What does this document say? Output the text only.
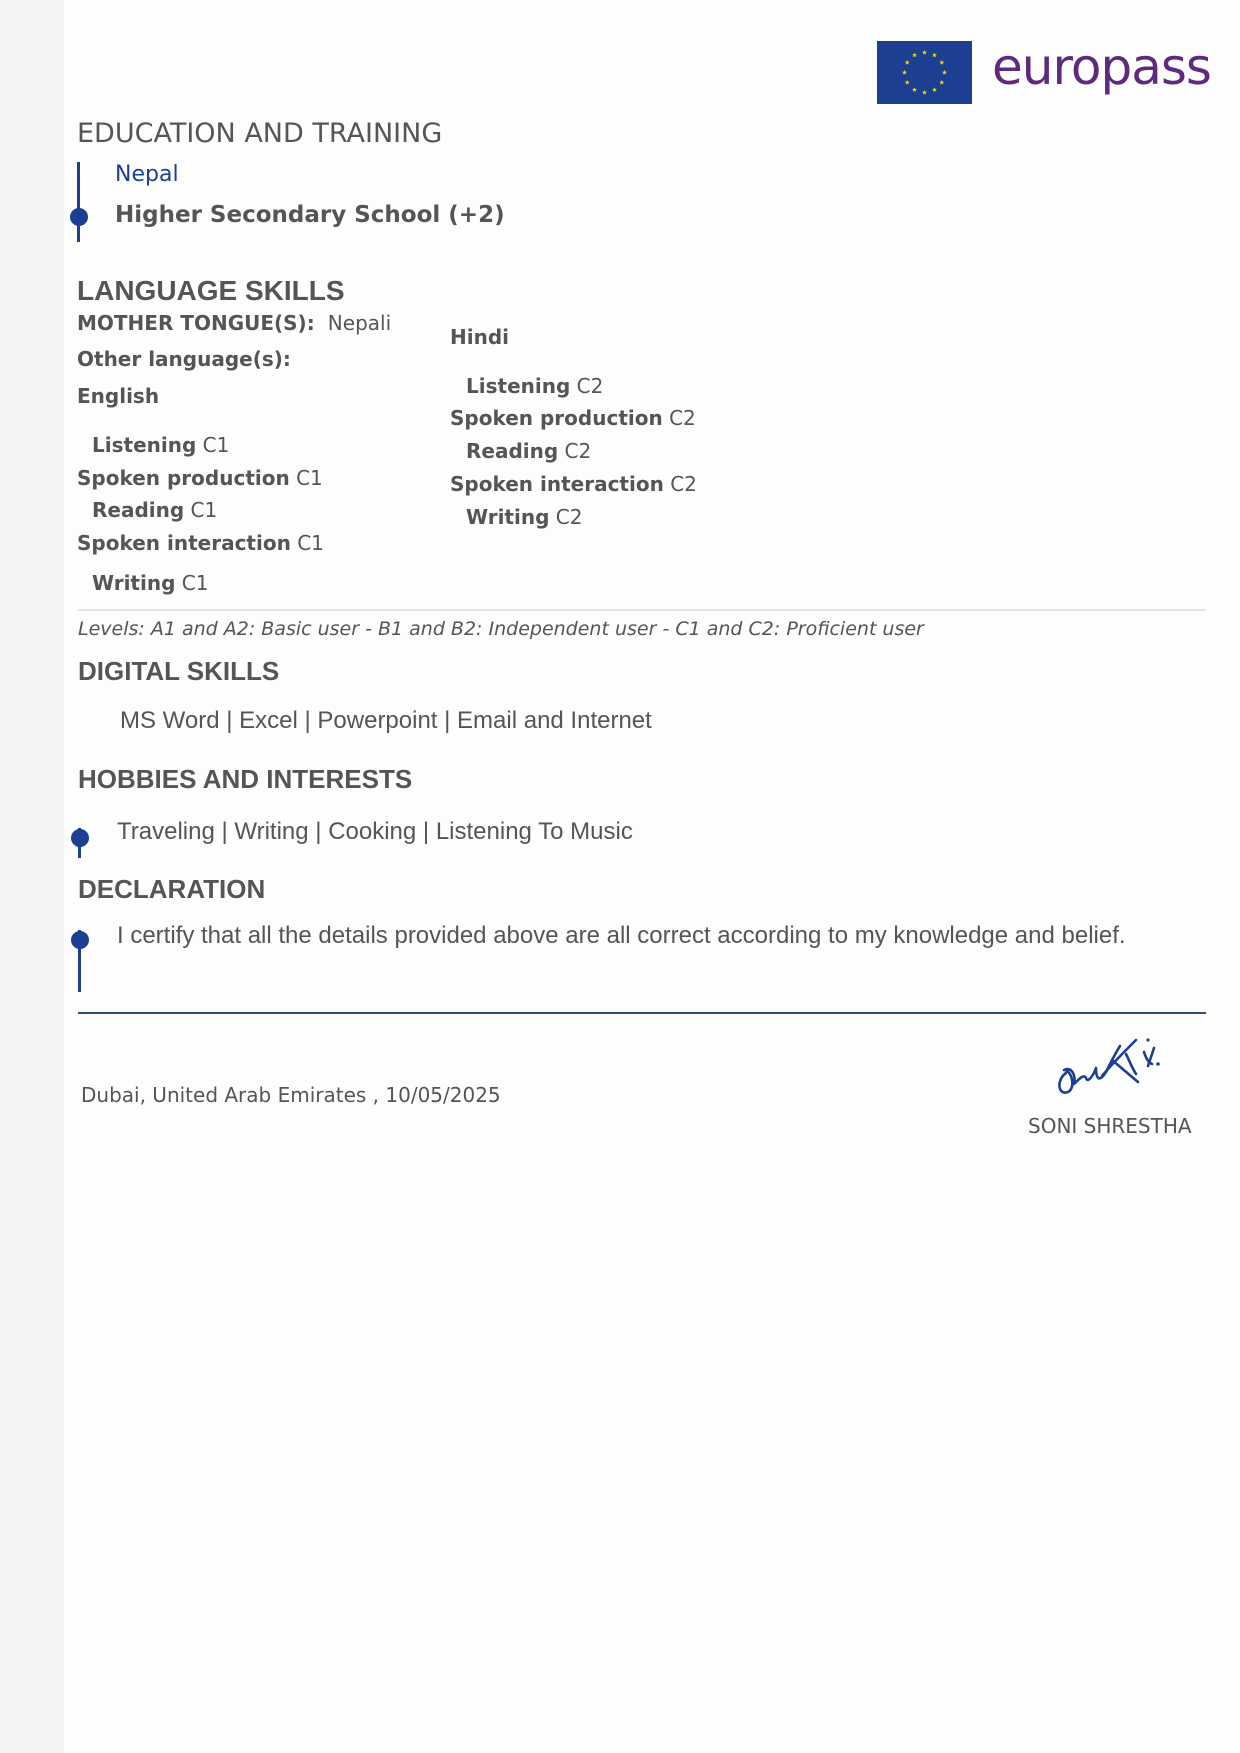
europass
EDUCATION AND TRAINING
Nepal
Higher Secondary School (+2)
LANGUAGE SKILLS
MOTHER TONGUE(S): Nepali
Other language(s):
English
Listening C1
Spoken production C1
Reading C1
Spoken interaction C1
Writing C1
Hindi
Listening C2
Spoken production C2
Reading C2
Spoken interaction C2
Writing C2
Levels: A1 and A2: Basic user - B1 and B2: Independent user - C1 and C2: Proficient user
DIGITAL SKILLS
MS Word | Excel | Powerpoint | Email and Internet
HOBBIES AND INTERESTS
Traveling | Writing | Cooking | Listening To Music
DECLARATION
I certify that all the details provided above are all correct according to my knowledge and belief.
Dubai, United Arab Emirates , 10/05/2025
SONI SHRESTHA
